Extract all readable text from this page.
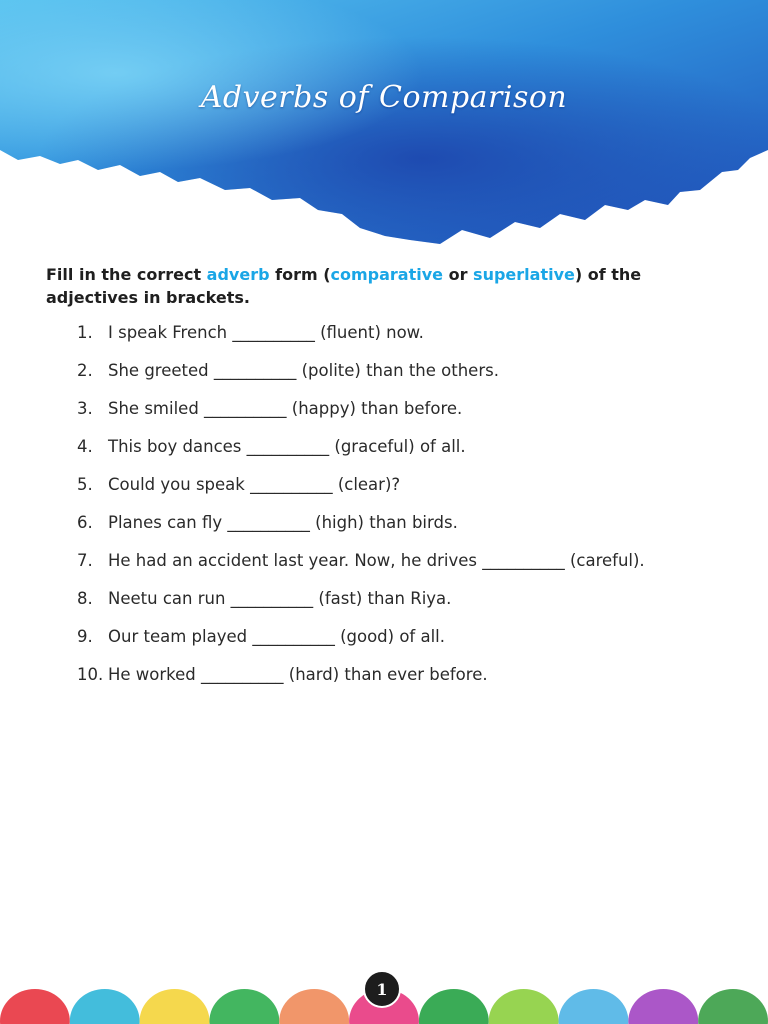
Adverbs of Comparison
Fill in the correct adverb form (comparative or superlative) of the adjectives in brackets.
1. I speak French __________ (fluent) now.
2. She greeted __________ (polite) than the others.
3. She smiled __________ (happy) than before.
4. This boy dances __________ (graceful) of all.
5. Could you speak __________ (clear)?
6. Planes can fly __________ (high) than birds.
7. He had an accident last year. Now, he drives __________ (careful).
8. Neetu can run __________ (fast) than Riya.
9. Our team played __________ (good) of all.
10. He worked __________ (hard) than ever before.
1
